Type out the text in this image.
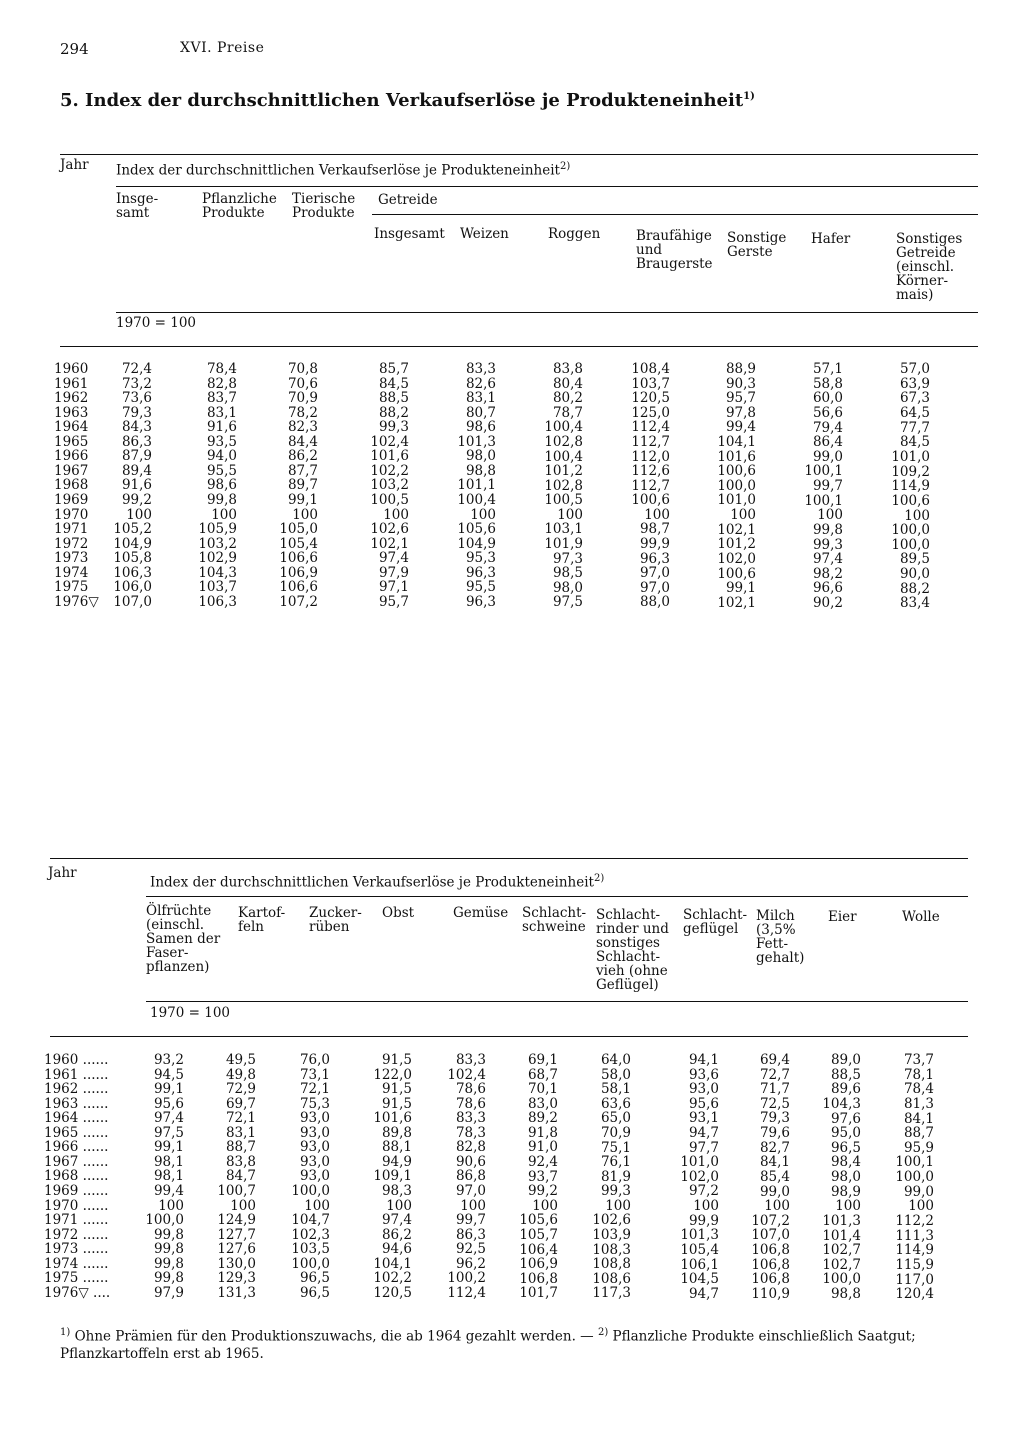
294	XVI. Preise
5. Index der durchschnittlichen Verkaufserlöse je Produkteneinheit$^{1)}$
Jahr Index der durchschnittlichen Verkaufserlöse je Produkteneinheit$^{2)}$
Getreide
Insge-
samt
Pflanzliche
Produkte
Tierische
Produkte
Insgesamt Weizen	Roggen	Braufähige
und
Braugerste
Sonstige
Gerste
Hafer	Sonstiges
Getreide
(einschl.
Körner-
mais)
1970 = 100
1960	72,4	78,4	70,8	85,7	83,3	83,8	108,4	88,9	57,1	57,0
1961	73,2	82,8	70,6	84,5	82,6	80,4	103,7	90,3	58,8	63,9
1962	73,6	83,7	70,9	88,5	83,1	80,2	120,5	95,7	60,0	67,3
1963	79,3	83,1	78,2	88,2	80,7	78,7	125,0	97,8	56,6	64,5
1964	84,3	91,6	82,3	99,3	98,6	100,4	112,4	99,4	79,4	77,7
1965	86,3	93,5	84,4	102,4	101,3	102,8	112,7	104,1	86,4	84,5
1966	87,9	94,0	86,2	101,6	98,0	100,4	112,0	101,6	99,0	101,0
1967	89,4	95,5	87,7	102,2	98,8	101,2	112,6	100,6	100,1	109,2
1968	91,6	98,6	89,7	103,2	101,1	102,8	112,7	100,0	99,7	114,9
1969	99,2	99,8	99,1	100,5	100,4	100,5	100,6	101,0	100,1	100,6
1970	100	100	100	100	100	100	100	100	100	100
1971	105,2	105,9	105,0	102,6	105,6	103,1	98,7	102,1	99,8	100,0
1972	104,9	103,2	105,4	102,1	104,9	101,9	99,9	101,2	99,3	100,0
1973	105,8	102,9	106,6	97,4	95,3	97,3	96,3	102,0	97,4	89,5
1974	106,3	104,3	106,9	97,9	96,3	98,5	97,0	100,6	98,2	90,0
1975	106,0	103,7	106,6	97,1	95,5	98,0	97,0	99,1	96,6	88,2
1976▽	107,0	106,3	107,2	95,7	96,3	97,5	88,0	102,1	90,2	83,4
Jahr
Index der durchschnittlichen Verkaufserlöse je Produkteneinheit$^{2)}$
Ölfrüchte
(einschl.
Samen der
Faser-
pflanzen)
Kartof-
feln
Zucker-
rüben
Obst	Gemüse Schlacht-
schweine
Schlacht-
rinder und
sonstiges
Schlacht-
vieh (ohne
Geflügel)
Schlacht-
geflügel
Milch
(3,5%
Fett-
gehalt)
Eier	Wolle
1970 = 100
1960 ......	93,2	49,5	76,0	91,5	83,3	69,1	64,0	94,1	69,4	89,0	73,7
1961 ......	94,5	49,8	73,1	122,0	102,4	68,7	58,0	93,6	72,7	88,5	78,1
1962 ......	99,1	72,9	72,1	91,5	78,6	70,1	58,1	93,0	71,7	89,6	78,4
1963 ......	95,6	69,7	75,3	91,5	78,6	83,0	63,6	95,6	72,5	104,3	81,3
1964 ......	97,4	72,1	93,0	101,6	83,3	89,2	65,0	93,1	79,3	97,6	84,1
1965 ......	97,5	83,1	93,0	89,8	78,3	91,8	70,9	94,7	79,6	95,0	88,7
1966 ......	99,1	88,7	93,0	88,1	82,8	91,0	75,1	97,7	82,7	96,5	95,9
1967 ......	98,1	83,8	93,0	94,9	90,6	92,4	76,1	101,0	84,1	98,4	100,1
1968 ......	98,1	84,7	93,0	109,1	86,8	93,7	81,9	102,0	85,4	98,0	100,0
1969 ......	99,4	100,7	100,0	98,3	97,0	99,2	99,3	97,2	99,0	98,9	99,0
1970 ......	100	100	100	100	100	100	100	100	100	100	100
1971 ......	100,0	124,9	104,7	97,4	99,7	105,6	102,6	99,9	107,2	101,3	112,2
1972 ......	99,8	127,7	102,3	86,2	86,3	105,7	103,9	101,3	107,0	101,4	111,3
1973 ......	99,8	127,6	103,5	94,6	92,5	106,4	108,3	105,4	106,8	102,7	114,9
1974 ......	99,8	130,0	100,0	104,1	96,2	106,9	108,8	106,1	106,8	102,7	115,9
1975 ......	99,8	129,3	96,5	102,2	100,2	106,8	108,6	104,5	106,8	100,0	117,0
1976▽ ....	97,9	131,3	96,5	120,5	112,4	101,7	117,3	94,7	110,9	98,8	120,4
$^{1)}$ Ohne Prämien für den Produktionszuwachs, die ab 1964 gezahlt werden. — $^{2)}$ Pflanzliche Produkte einschließlich Saatgut; Pflanzkartoffeln erst ab 1965.
